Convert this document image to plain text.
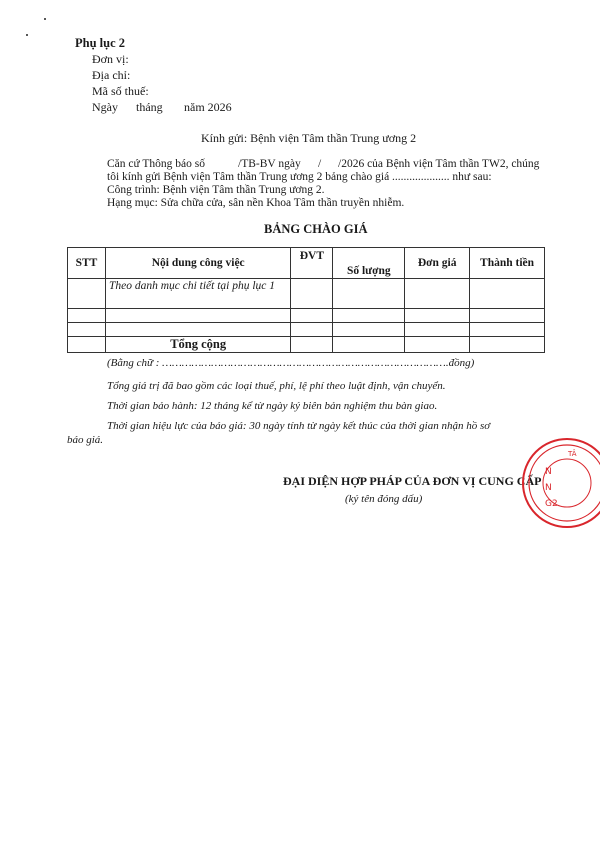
Phụ lục 2
Đơn vị:
Địa chỉ:
Mã số thuế:
Ngày tháng năm 2026
Kính gửi: Bệnh viện Tâm thần Trung ương 2
Căn cứ Thông báo số	/TB-BV ngày / /2026 của Bệnh viện Tâm thần TW2, chúng
tôi kính gửi Bệnh viện Tâm thần Trung ương 2 bảng chào giá .................... như sau:
Công trình: Bệnh viện Tâm thần Trung ương 2.
Hạng mục: Sửa chữa cửa, sân nền Khoa Tâm thần truyền nhiễm.
BẢNG CHÀO GIÁ
STT	Nội dung công việc	ĐVT	Số lượng	Đơn giá	Thành tiền
	Theo danh mục chi tiết tại phụ lục 1				

	Tổng cộng				
(Bằng chữ : …………………………………………………………………………….đồng)
Tổng giá trị đã bao gồm các loại thuế, phí, lệ phí theo luật định, vận chuyển.
Thời gian bảo hành: 12 tháng kể từ ngày ký biên bản nghiệm thu bàn giao.
Thời gian hiệu lực của báo giá: 30 ngày tính từ ngày kết thúc của thời gian nhận hồ sơ
báo giá.
ĐẠI DIỆN HỢP PHÁP CỦA ĐƠN VỊ CUNG CẤP
(ký tên đóng dấu)
N
N
G2
TÂ
